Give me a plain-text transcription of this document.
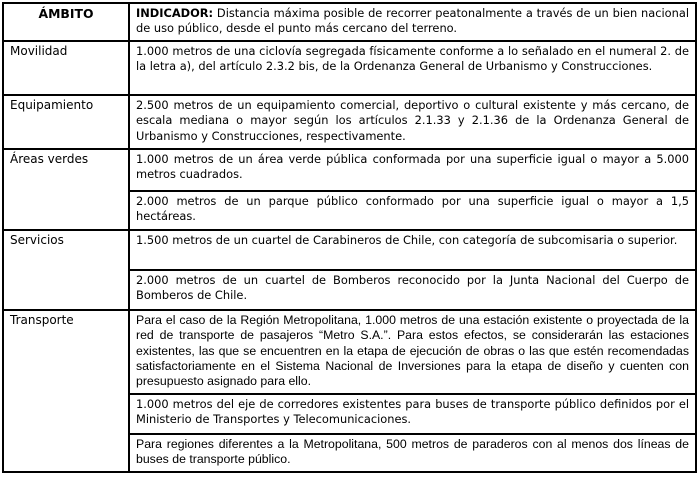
ÁMBITO	INDICADOR: Distancia máxima posible de recorrer peatonalmente a través de un bien nacional de uso público, desde el punto más cercano del terreno.
Movilidad	1.000 metros de una ciclovía segregada físicamente conforme a lo señalado en el numeral 2. de la letra a), del artículo 2.3.2 bis, de la Ordenanza General de Urbanismo y Construcciones.
Equipamiento	2.500 metros de un equipamiento comercial, deportivo o cultural existente y más cercano, de escala mediana o mayor según los artículos 2.1.33 y 2.1.36 de la Ordenanza General de Urbanismo y Construcciones, respectivamente.
Áreas verdes	1.000 metros de un área verde pública conformada por una superficie igual o mayor a 5.000 metros cuadrados.
	2.000 metros de un parque público conformado por una superficie igual o mayor a 1,5 hectáreas.
Servicios	1.500 metros de un cuartel de Carabineros de Chile, con categoría de subcomisaria o superior.
	2.000 metros de un cuartel de Bomberos reconocido por la Junta Nacional del Cuerpo de Bomberos de Chile.
Transporte	Para el caso de la Región Metropolitana, 1.000 metros de una estación existente o proyectada de la red de transporte de pasajeros “Metro S.A.”. Para estos efectos, se considerarán las estaciones existentes, las que se encuentren en la etapa de ejecución de obras o las que estén recomendadas satisfactoriamente en el Sistema Nacional de Inversiones para la etapa de diseño y cuenten con presupuesto asignado para ello.
	1.000 metros del eje de corredores existentes para buses de transporte público definidos por el Ministerio de Transportes y Telecomunicaciones.
	Para regiones diferentes a la Metropolitana, 500 metros de paraderos con al menos dos líneas de buses de transporte público.
